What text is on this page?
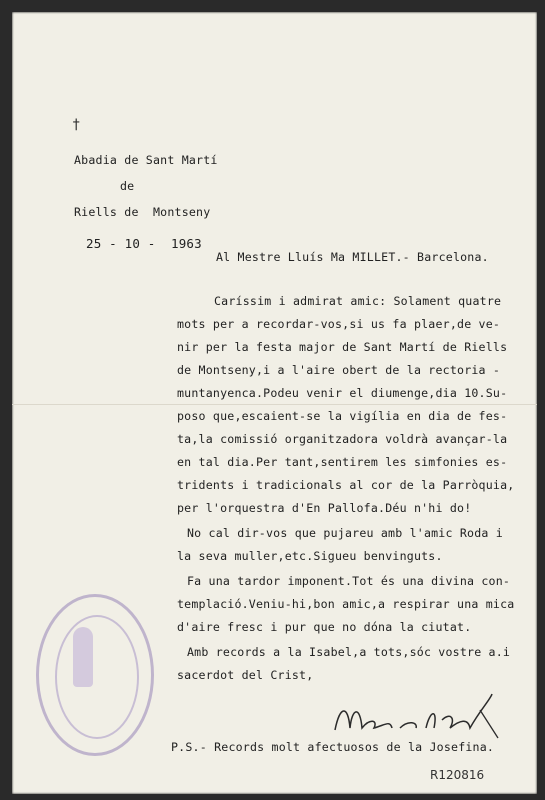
†
Abadia de Sant Martí
de
Riells de  Montseny
25 - 10 -  1963
Al Mestre Lluís Ma MILLET.- Barcelona.
Caríssim i admirat amic: Solament quatre
mots per a recordar-vos,si us fa plaer,de ve-
nir per la festa major de Sant Martí de Riells
de Montseny,i a l'aire obert de la rectoria -
muntanyenca.Podeu venir el diumenge,dia 10.Su-
poso que,escaient-se la vigília en dia de fes-
ta,la comissió organitzadora voldrà avançar-la
en tal dia.Per tant,sentirem les simfonies es-
tridents i tradicionals al cor de la Parròquia,
per l'orquestra d'En Pallofa.Déu n'hi do!
No cal dir-vos que pujareu amb l'amic Roda i
la seva muller,etc.Sigueu benvinguts.
Fa una tardor imponent.Tot és una divina con-
templació.Veniu-hi,bon amic,a respirar una mica
d'aire fresc i pur que no dóna la ciutat.
Amb records a la Isabel,a tots,sóc vostre a.i
sacerdot del Crist,
P.S.- Records molt afectuosos de la Josefina.
R120816
